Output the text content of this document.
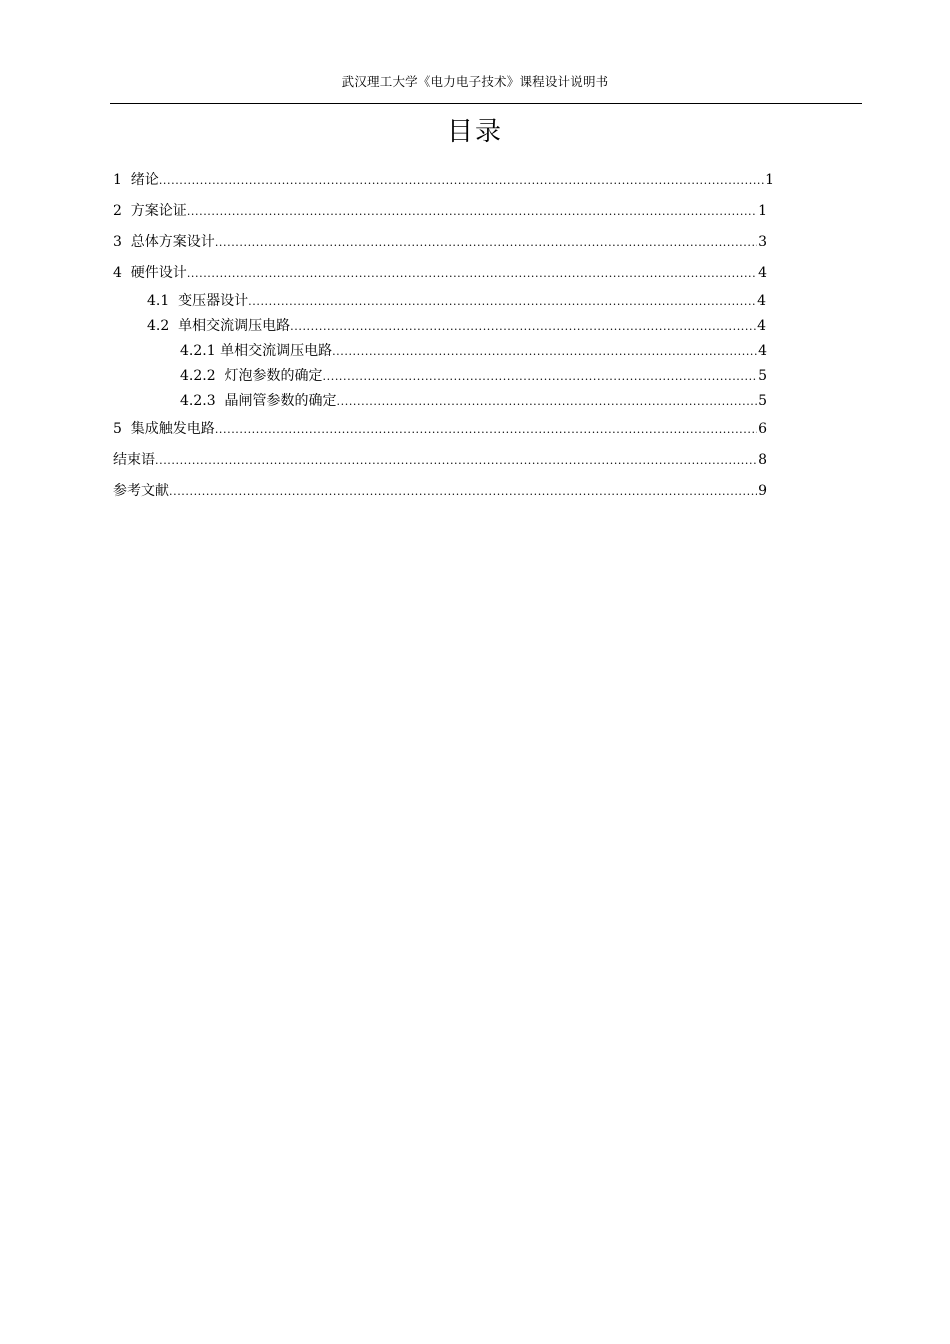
武汉理工大学《电力电子技术》课程设计说明书
目录
1  绪论 .....	1
2  方案论证 .....	1
3  总体方案设计 .....	3
4  硬件设计 .....	4
4.1  变压器设计 .....	4
4.2  单相交流调压电路 .....	4
4.2.1 单相交流调压电路 .....	4
4.2.2  灯泡参数的确定 .....	5
4.2.3  晶闸管参数的确定 .....	5
5  集成触发电路 .....	6
结束语 .....	8
参考文献 .....	9
